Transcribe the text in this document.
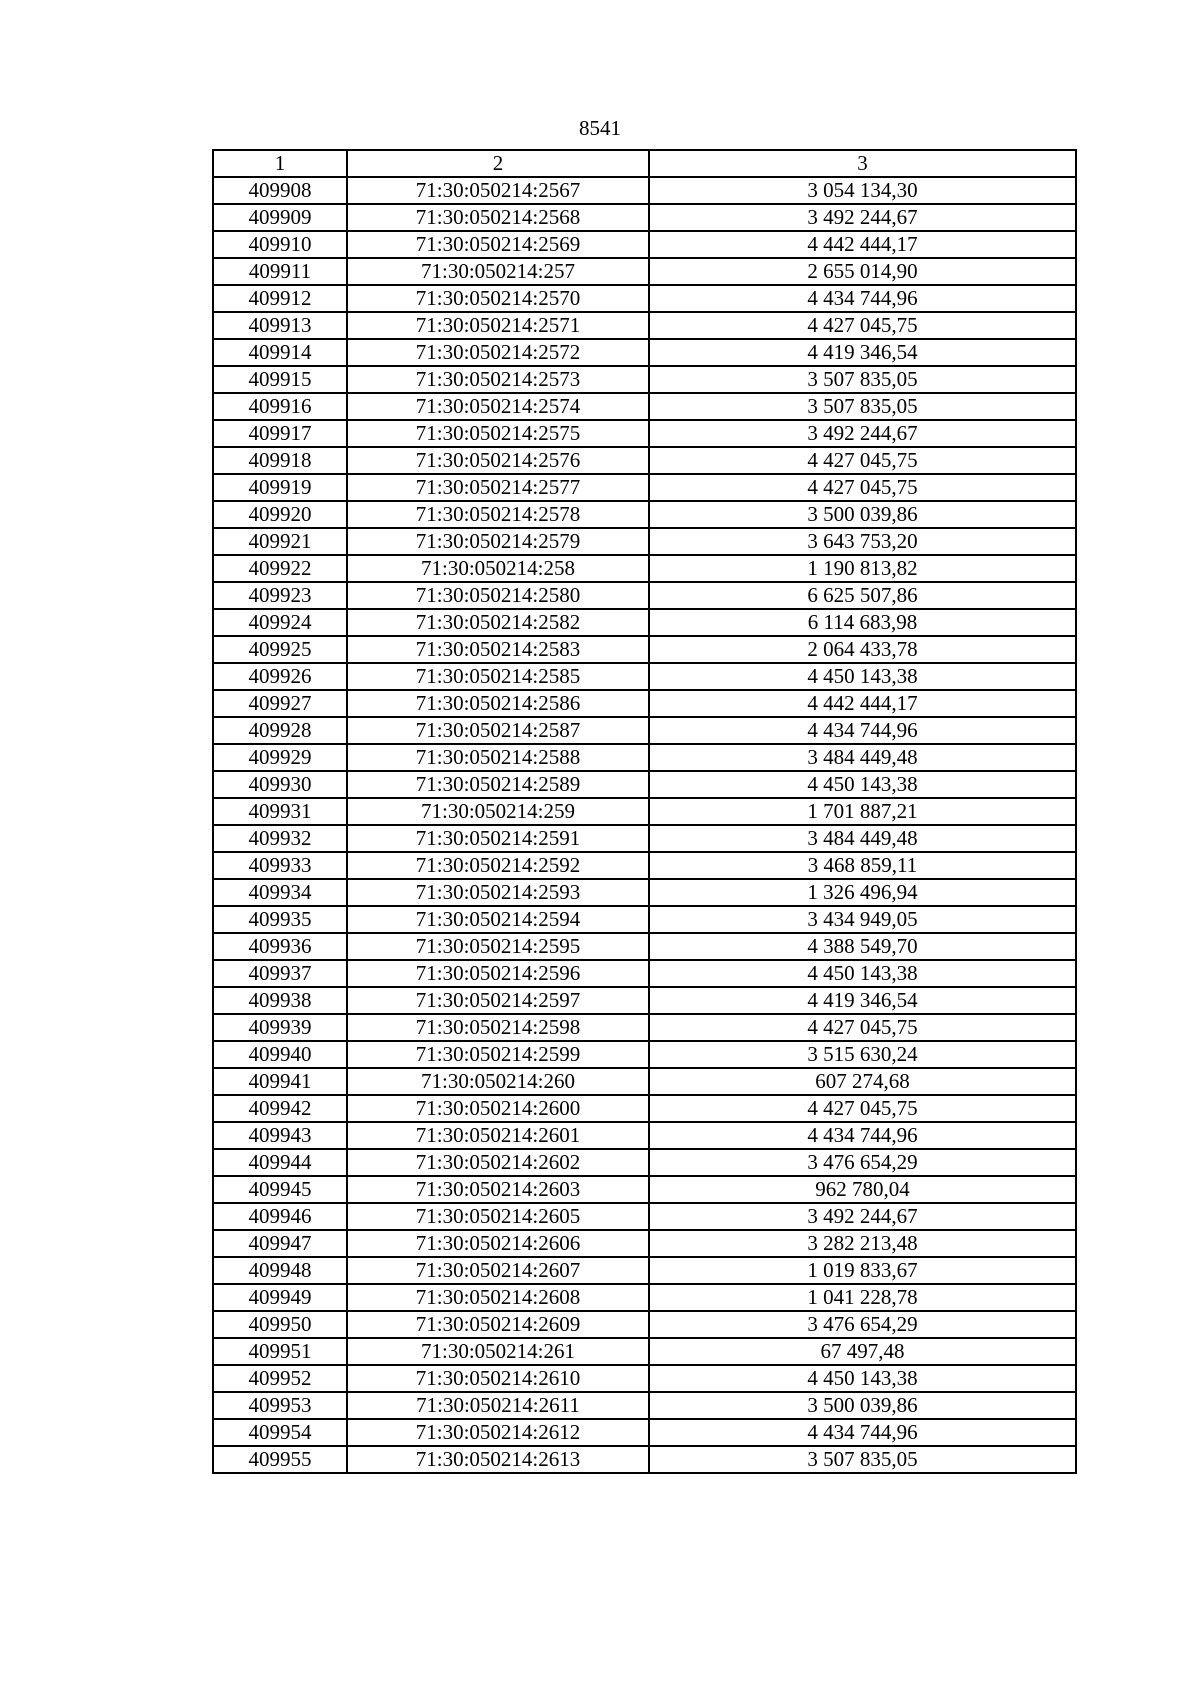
8541
1	2	3
409908	71:30:050214:2567	3 054 134,30
409909	71:30:050214:2568	3 492 244,67
409910	71:30:050214:2569	4 442 444,17
409911	71:30:050214:257	2 655 014,90
409912	71:30:050214:2570	4 434 744,96
409913	71:30:050214:2571	4 427 045,75
409914	71:30:050214:2572	4 419 346,54
409915	71:30:050214:2573	3 507 835,05
409916	71:30:050214:2574	3 507 835,05
409917	71:30:050214:2575	3 492 244,67
409918	71:30:050214:2576	4 427 045,75
409919	71:30:050214:2577	4 427 045,75
409920	71:30:050214:2578	3 500 039,86
409921	71:30:050214:2579	3 643 753,20
409922	71:30:050214:258	1 190 813,82
409923	71:30:050214:2580	6 625 507,86
409924	71:30:050214:2582	6 114 683,98
409925	71:30:050214:2583	2 064 433,78
409926	71:30:050214:2585	4 450 143,38
409927	71:30:050214:2586	4 442 444,17
409928	71:30:050214:2587	4 434 744,96
409929	71:30:050214:2588	3 484 449,48
409930	71:30:050214:2589	4 450 143,38
409931	71:30:050214:259	1 701 887,21
409932	71:30:050214:2591	3 484 449,48
409933	71:30:050214:2592	3 468 859,11
409934	71:30:050214:2593	1 326 496,94
409935	71:30:050214:2594	3 434 949,05
409936	71:30:050214:2595	4 388 549,70
409937	71:30:050214:2596	4 450 143,38
409938	71:30:050214:2597	4 419 346,54
409939	71:30:050214:2598	4 427 045,75
409940	71:30:050214:2599	3 515 630,24
409941	71:30:050214:260	607 274,68
409942	71:30:050214:2600	4 427 045,75
409943	71:30:050214:2601	4 434 744,96
409944	71:30:050214:2602	3 476 654,29
409945	71:30:050214:2603	962 780,04
409946	71:30:050214:2605	3 492 244,67
409947	71:30:050214:2606	3 282 213,48
409948	71:30:050214:2607	1 019 833,67
409949	71:30:050214:2608	1 041 228,78
409950	71:30:050214:2609	3 476 654,29
409951	71:30:050214:261	67 497,48
409952	71:30:050214:2610	4 450 143,38
409953	71:30:050214:2611	3 500 039,86
409954	71:30:050214:2612	4 434 744,96
409955	71:30:050214:2613	3 507 835,05
